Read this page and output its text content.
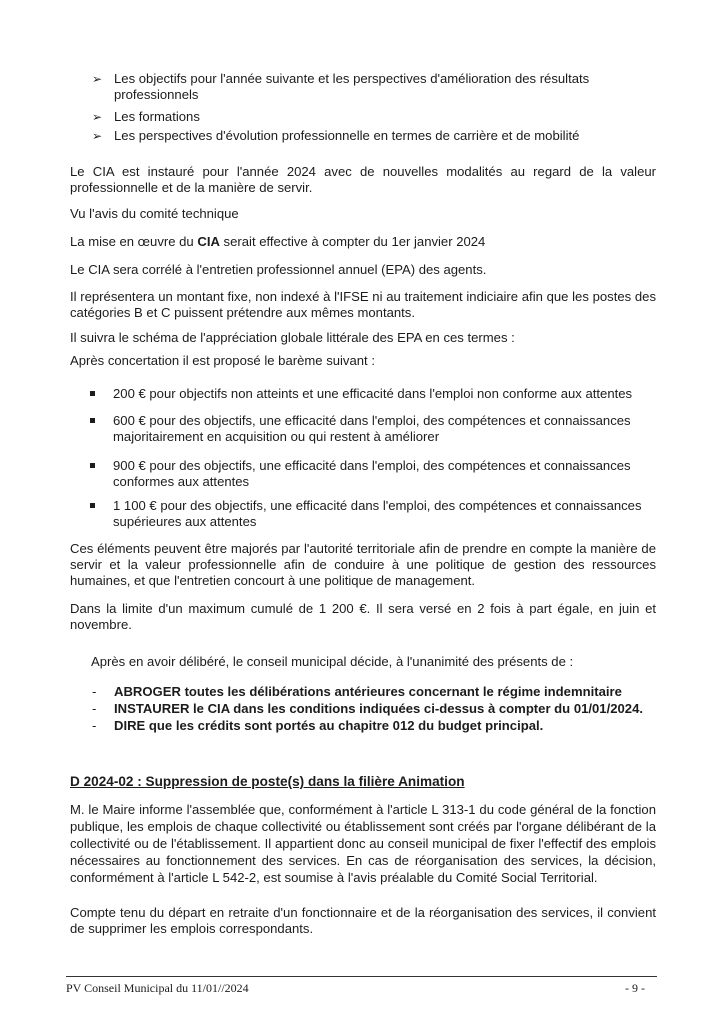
➢ Les objectifs pour l'année suivante et les perspectives d'amélioration des résultats
professionnels

➢ Les formations

➢ Les perspectives d'évolution professionnelle en termes de carrière et de mobilité

Le CIA est instauré pour l'année 2024 avec de nouvelles modalités au regard de la valeur professionnelle et de la manière de servir.

Vu l'avis du comité technique

La mise en œuvre du CIA serait effective à compter du 1er janvier 2024

Le CIA sera corrélé à l'entretien professionnel annuel (EPA) des agents.

Il représentera un montant fixe, non indexé à l'IFSE ni au traitement indiciaire afin que les postes des catégories B et C puissent prétendre aux mêmes montants.

Il suivra le schéma de l'appréciation globale littérale des EPA en ces termes :

Après concertation il est proposé le barème suivant :

200 € pour objectifs non atteints et une efficacité dans l'emploi non conforme aux attentes

600 € pour des objectifs, une efficacité dans l'emploi, des compétences et connaissances
majoritairement en acquisition ou qui restent à améliorer

900 € pour des objectifs, une efficacité dans l'emploi, des compétences et connaissances
conformes aux attentes

1 100 € pour des objectifs, une efficacité dans l'emploi, des compétences et connaissances
supérieures aux attentes

Ces éléments peuvent être majorés par l'autorité territoriale afin de prendre en compte la manière de servir et la valeur professionnelle afin de conduire à une politique de gestion des ressources humaines, et que l'entretien concourt à une politique de management.

Dans la limite d'un maximum cumulé de 1 200 €. Il sera versé en 2 fois à part égale, en juin et novembre.

Après en avoir délibéré, le conseil municipal décide, à l'unanimité des présents de :

- ABROGER toutes les délibérations antérieures concernant le régime indemnitaire

- INSTAURER le CIA dans les conditions indiquées ci-dessus à compter du 01/01/2024.

- DIRE que les crédits sont portés au chapitre 012 du budget principal.

D 2024-02 : Suppression de poste(s) dans la filière Animation

M. le Maire informe l'assemblée que, conformément à l'article L 313-1 du code général de la fonction publique, les emplois de chaque collectivité ou établissement sont créés par l'organe délibérant de la collectivité ou de l'établissement. Il appartient donc au conseil municipal de fixer l'effectif des emplois nécessaires au fonctionnement des services. En cas de réorganisation des services, la décision, conformément à l'article L 542-2, est soumise à l'avis préalable du Comité Social Territorial.

Compte tenu du départ en retraite d'un fonctionnaire et de la réorganisation des services, il convient de supprimer les emplois correspondants.

PV Conseil Municipal du 11/01//2024	- 9 -
